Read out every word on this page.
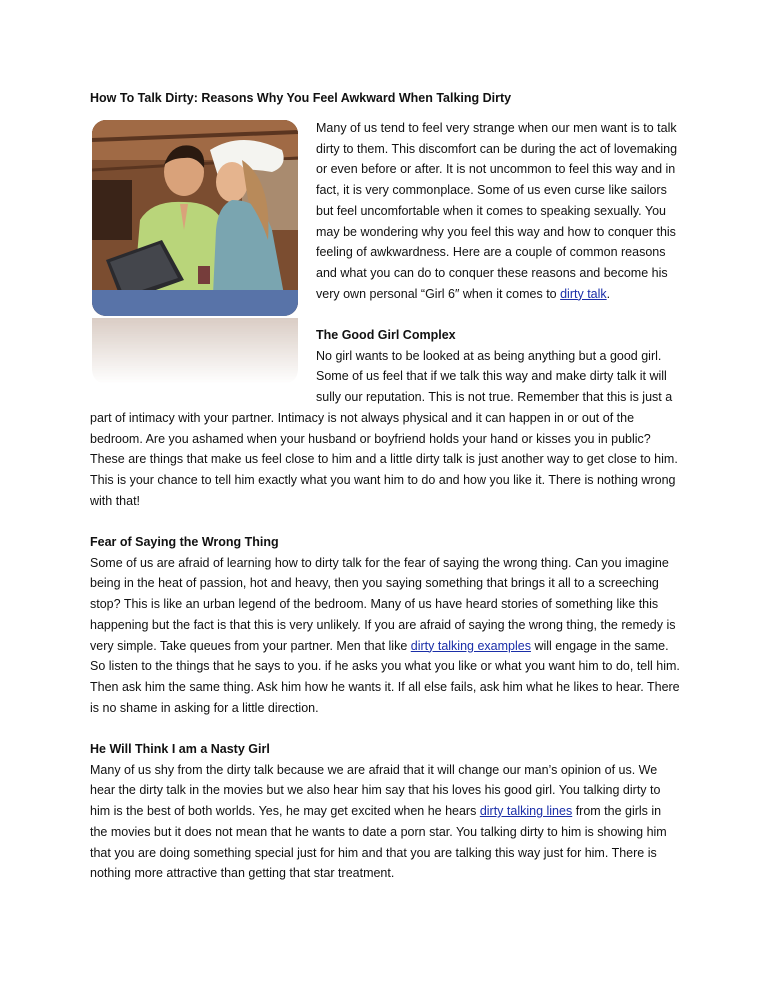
How To Talk Dirty: Reasons Why You Feel Awkward When Talking Dirty

Many of us tend to feel very strange when our men want is to talk dirty to them. This discomfort can be during the act of lovemaking or even before or after. It is not uncommon to feel this way and in fact, it is very commonplace. Some of us even curse like sailors but feel uncomfortable when it comes to speaking sexually. You may be wondering why you feel this way and how to conquer this feeling of awkwardness. Here are a couple of common reasons and what you can do to conquer these reasons and become his very own personal “Girl 6″ when it comes to dirty talk.

The Good Girl Complex

No girl wants to be looked at as being anything but a good girl. Some of us feel that if we talk this way and make dirty talk it will sully our reputation. This is not true. Remember that this is just a part of intimacy with your partner. Intimacy is not always physical and it can happen in or out of the bedroom. Are you ashamed when your husband or boyfriend holds your hand or kisses you in public? These are things that make us feel close to him and a little dirty talk is just another way to get close to him. This is your chance to tell him exactly what you want him to do and how you like it. There is nothing wrong with that!

Fear of Saying the Wrong Thing

Some of us are afraid of learning how to dirty talk for the fear of saying the wrong thing. Can you imagine being in the heat of passion, hot and heavy, then you saying something that brings it all to a screeching stop? This is like an urban legend of the bedroom. Many of us have heard stories of something like this happening but the fact is that this is very unlikely. If you are afraid of saying the wrong thing, the remedy is very simple. Take queues from your partner. Men that like dirty talking examples will engage in the same. So listen to the things that he says to you. if he asks you what you like or what you want him to do, tell him. Then ask him the same thing. Ask him how he wants it. If all else fails, ask him what he likes to hear. There is no shame in asking for a little direction.

He Will Think I am a Nasty Girl

Many of us shy from the dirty talk because we are afraid that it will change our man’s opinion of us. We hear the dirty talk in the movies but we also hear him say that his loves his good girl. You talking dirty to him is the best of both worlds. Yes, he may get excited when he hears dirty talking lines from the girls in the movies but it does not mean that he wants to date a porn star. You talking dirty to him is showing him that you are doing something special just for him and that you are talking this way just for him. There is nothing more attractive than getting that star treatment.
